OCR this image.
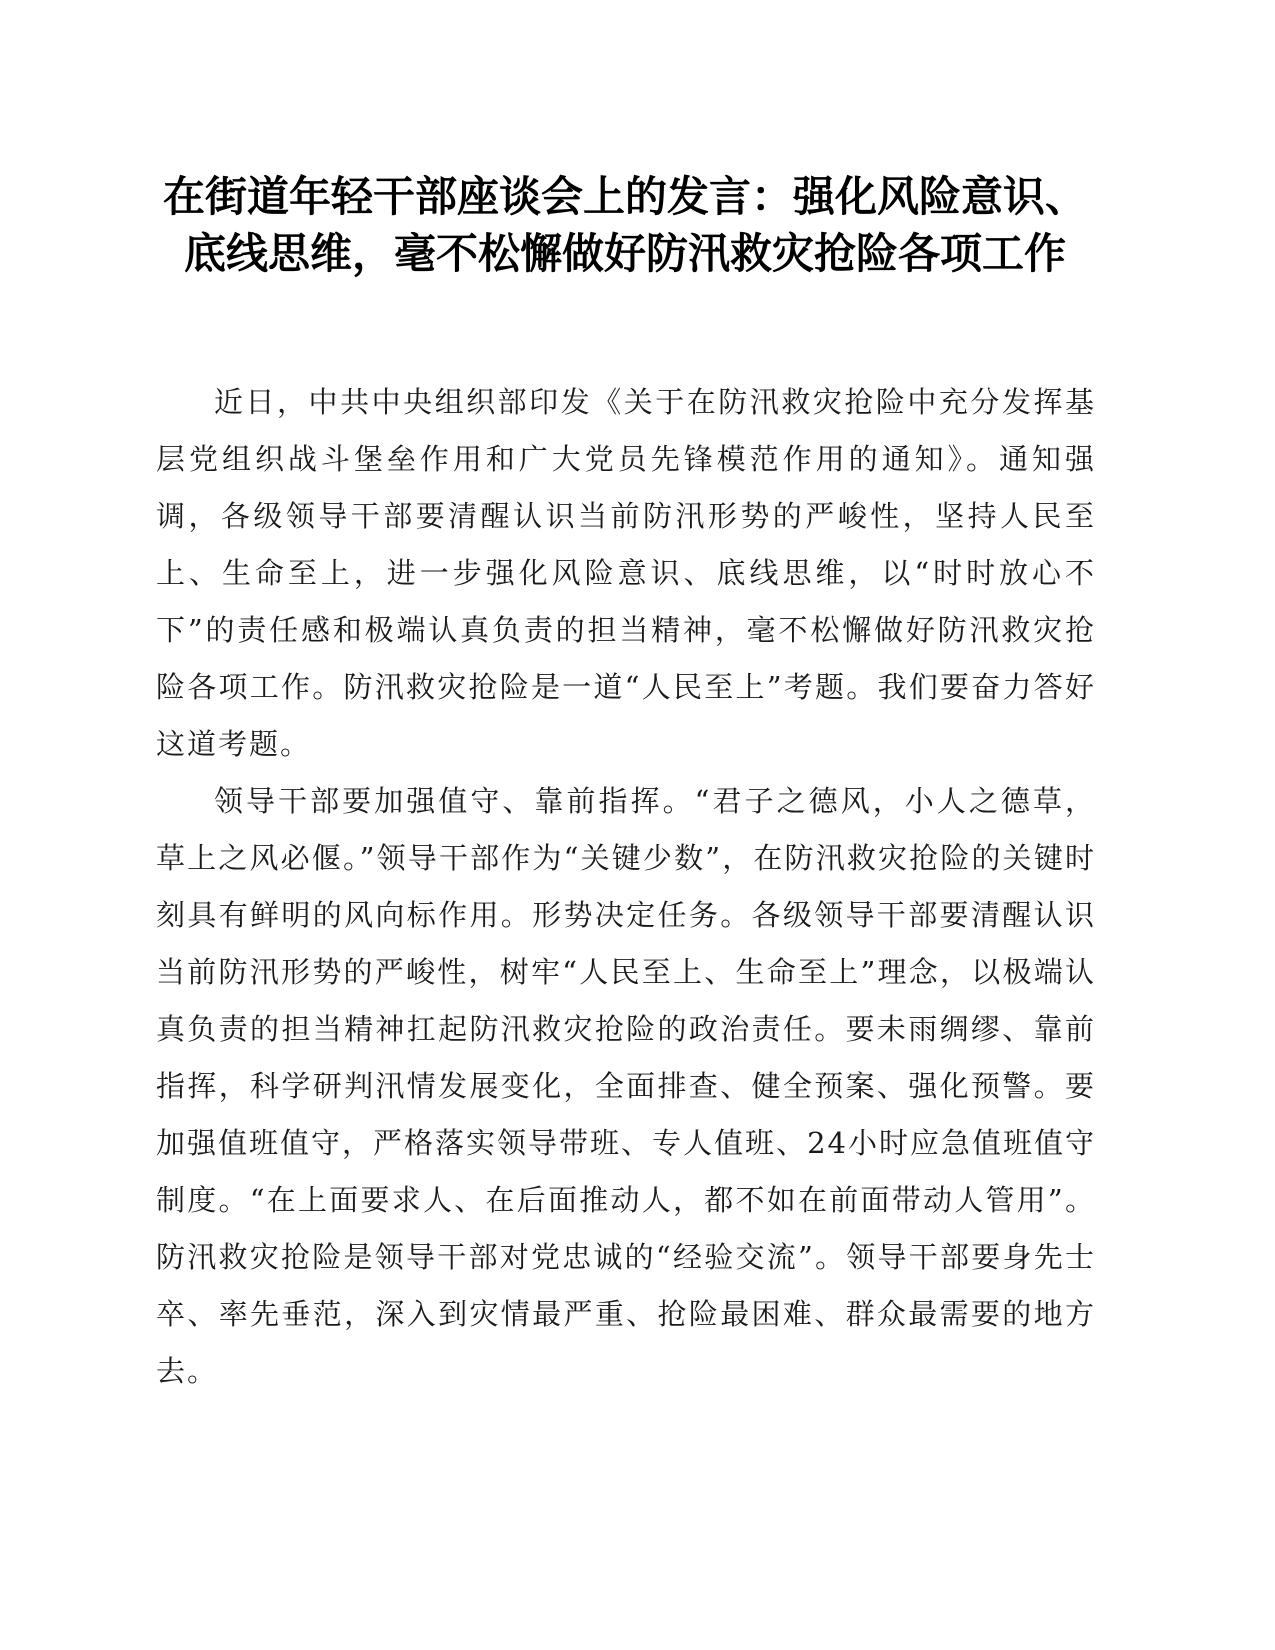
在街道年轻干部座谈会上的发言：强化风险意识、底线思维，毫不松懈做好防汛救灾抢险各项工作

近日，中共中央组织部印发《关于在防汛救灾抢险中充分发挥基层党组织战斗堡垒作用和广大党员先锋模范作用的通知》。通知强调，各级领导干部要清醒认识当前防汛形势的严峻性，坚持人民至上、生命至上，进一步强化风险意识、底线思维，以“时时放心不下”的责任感和极端认真负责的担当精神，毫不松懈做好防汛救灾抢险各项工作。防汛救灾抢险是一道“人民至上”考题。我们要奋力答好这道考题。

领导干部要加强值守、靠前指挥。“君子之德风，小人之德草，草上之风必偃。”领导干部作为“关键少数”，在防汛救灾抢险的关键时刻具有鲜明的风向标作用。形势决定任务。各级领导干部要清醒认识当前防汛形势的严峻性，树牢“人民至上、生命至上”理念，以极端认真负责的担当精神扛起防汛救灾抢险的政治责任。要未雨绸缪、靠前指挥，科学研判汛情发展变化，全面排查、健全预案、强化预警。要加强值班值守，严格落实领导带班、专人值班、24小时应急值班值守制度。“在上面要求人、在后面推动人，都不如在前面带动人管用”。防汛救灾抢险是领导干部对党忠诚的“经验交流”。领导干部要身先士卒、率先垂范，深入到灾情最严重、抢险最困难、群众最需要的地方去。
